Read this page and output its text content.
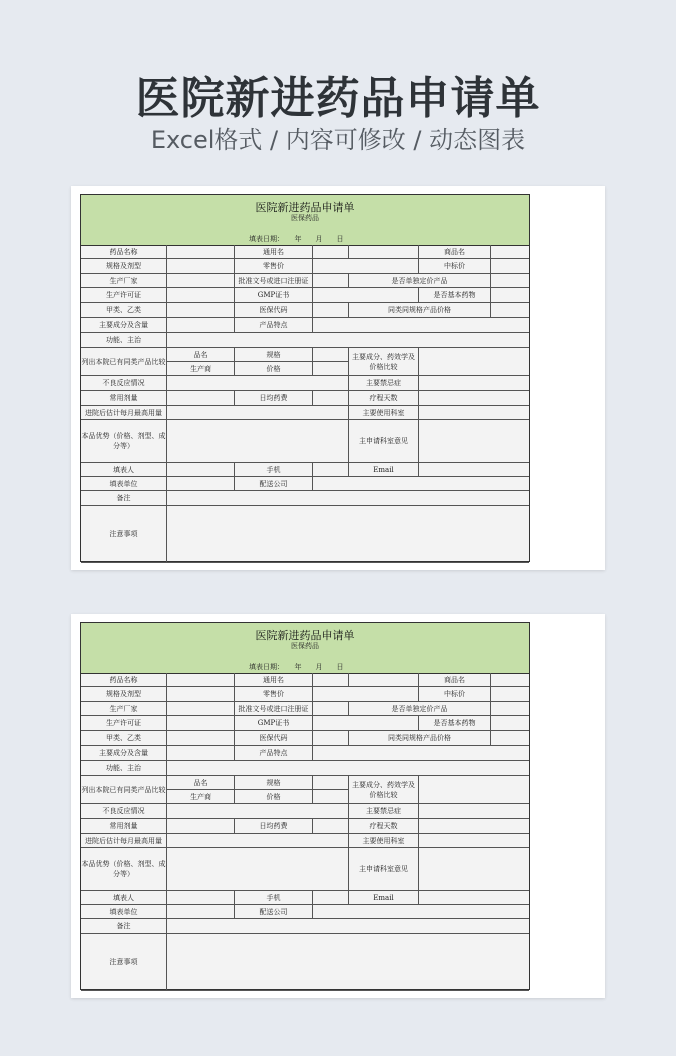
医院新进药品申请单
Excel格式 / 内容可修改 / 动态图表
医院新进药品申请单
医保药品
填表日期：　　年　　月　　日
药品名称	通用名	商品名
规格及剂型	零售价	中标价
生产厂家	批准文号或进口注册证	是否单独定价产品
生产许可证	GMP证书	是否基本药物
甲类、乙类	医保代码	同类同规格产品价格
主要成分及含量	产品特点
功能、主治
列出本院已有同类产品比较
品名	规格
生产商	价格
主要成分、药效学及价格比较
不良反应情况	主要禁忌症
常用剂量	日均药费	疗程天数
进院后估计每月最高用量	主要使用科室
本品优势（价格、剂型、成分等）
主申请科室意见
填表人	手机	Email
填表单位	配送公司
备注
注意事项
医院新进药品申请单
医保药品
填表日期：　　年　　月　　日
药品名称	通用名	商品名
规格及剂型	零售价	中标价
生产厂家	批准文号或进口注册证	是否单独定价产品
生产许可证	GMP证书	是否基本药物
甲类、乙类	医保代码	同类同规格产品价格
主要成分及含量	产品特点
功能、主治
列出本院已有同类产品比较
品名	规格
生产商	价格
主要成分、药效学及价格比较
不良反应情况	主要禁忌症
常用剂量	日均药费	疗程天数
进院后估计每月最高用量	主要使用科室
本品优势（价格、剂型、成分等）
主申请科室意见
填表人	手机	Email
填表单位	配送公司
备注
注意事项
